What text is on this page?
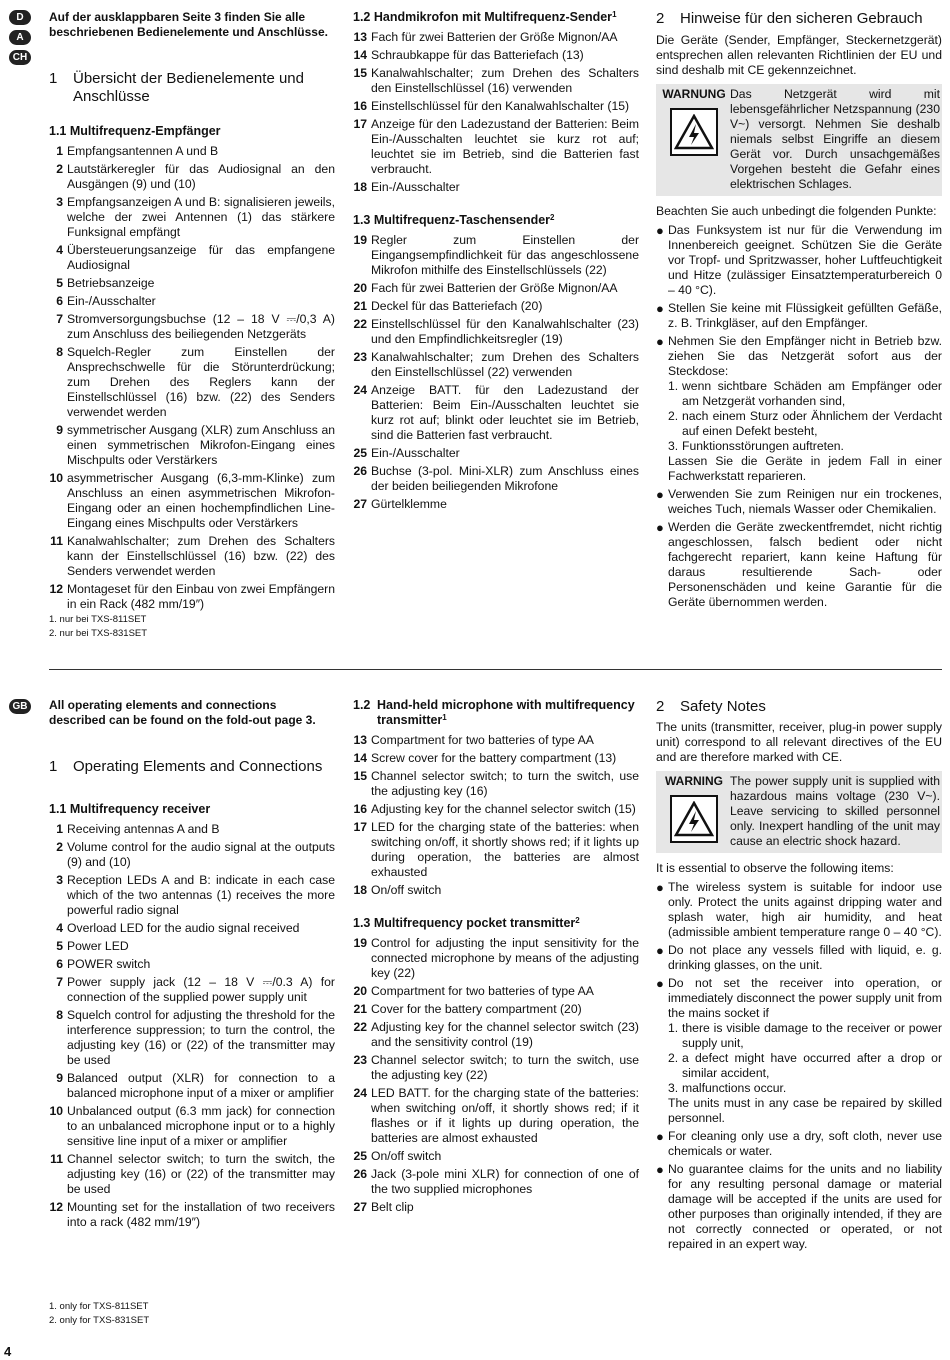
D
A
CH
Auf der ausklappbaren Seite 3 finden Sie alle beschriebenen Bedienelemente und Anschlüsse.
1	Übersicht der Bedienelemente und Anschlüsse
1.1 Multifrequenz-Empfänger
1 Empfangsantennen A und B
2 Lautstärkeregler für das Audiosignal an den Ausgängen (9) und (10)
3 Empfangsanzeigen A und B: signalisieren jeweils, welche der zwei Antennen (1) das stärkere Funksignal empfängt
4 Übersteuerungsanzeige für das empfangene Audiosignal
5 Betriebsanzeige
6 Ein-/Ausschalter
7 Stromversorgungsbuchse (12 – 18 V ⎓/0,3 A) zum Anschluss des beiliegenden Netzgeräts
8 Squelch-Regler zum Einstellen der Ansprechschwelle für die Störunterdrückung; zum Drehen des Reglers kann der Einstellschlüssel (16) bzw. (22) des Senders verwendet werden
9 symmetrischer Ausgang (XLR) zum Anschluss an einen symmetrischen Mikrofon-Eingang eines Mischpults oder Verstärkers
10 asymmetrischer Ausgang (6,3-mm-Klinke) zum Anschluss an einen asymmetrischen Mikrofon-Eingang oder an einen hochempfindlichen Line-Eingang eines Mischpults oder Verstärkers
11 Kanalwahlschalter; zum Drehen des Schalters kann der Einstellschlüssel (16) bzw. (22) des Senders verwendet werden
12 Montageset für den Einbau von zwei Empfängern in ein Rack (482 mm/19″)
1.2 Handmikrofon mit Multifrequenz-Sender$^1$
13 Fach für zwei Batterien der Größe Mignon/AA
14 Schraubkappe für das Batteriefach (13)
15 Kanalwahlschalter; zum Drehen des Schalters den Einstellschlüssel (16) verwenden
16 Einstellschlüssel für den Kanalwahlschalter (15)
17 Anzeige für den Ladezustand der Batterien: Beim Ein-/Ausschalten leuchtet sie kurz rot auf; leuchtet sie im Betrieb, sind die Batterien fast verbraucht.
18 Ein-/Ausschalter
1.3 Multifrequenz-Taschensender$^2$
19 Regler zum Einstellen der Eingangsempfindlichkeit für das angeschlossene Mikrofon mithilfe des Einstellschlüssels (22)
20 Fach für zwei Batterien der Größe Mignon/AA
21 Deckel für das Batteriefach (20)
22 Einstellschlüssel für den Kanalwahlschalter (23) und den Empfindlichkeitsregler (19)
23 Kanalwahlschalter; zum Drehen des Schalters den Einstellschlüssel (22) verwenden
24 Anzeige BATT. für den Ladezustand der Batterien: Beim Ein-/Ausschalten leuchtet sie kurz rot auf; blinkt oder leuchtet sie im Betrieb, sind die Batterien fast verbraucht.
25 Ein-/Ausschalter
26 Buchse (3-pol. Mini-XLR) zum Anschluss eines der beiden beiliegenden Mikrofone
27 Gürtelklemme
2	Hinweise für den sicheren Gebrauch
Die Geräte (Sender, Empfänger, Steckernetzgerät) entsprechen allen relevanten Richtlinien der EU und sind deshalb mit CE gekennzeichnet.
WARNUNG Das Netzgerät wird mit lebensgefährlicher Netzspannung (230 V~) versorgt. Nehmen Sie deshalb niemals selbst Eingriffe an diesem Gerät vor. Durch unsachgemäßes Vorgehen besteht die Gefahr eines elektrischen Schlages.
Beachten Sie auch unbedingt die folgenden Punkte:
● Das Funksystem ist nur für die Verwendung im Innenbereich geeignet. Schützen Sie die Geräte vor Tropf- und Spritzwasser, hoher Luftfeuchtigkeit und Hitze (zulässiger Einsatztemperaturbereich 0 – 40 °C).
● Stellen Sie keine mit Flüssigkeit gefüllten Gefäße, z. B. Trinkgläser, auf den Empfänger.
● Nehmen Sie den Empfänger nicht in Betrieb bzw. ziehen Sie das Netzgerät sofort aus der Steckdose:
1. wenn sichtbare Schäden am Empfänger oder am Netzgerät vorhanden sind,
2. nach einem Sturz oder Ähnlichem der Verdacht auf einen Defekt besteht,
3. Funktionsstörungen auftreten.
Lassen Sie die Geräte in jedem Fall in einer Fachwerkstatt reparieren.
● Verwenden Sie zum Reinigen nur ein trockenes, weiches Tuch, niemals Wasser oder Chemikalien.
● Werden die Geräte zweckentfremdet, nicht richtig angeschlossen, falsch bedient oder nicht fachgerecht repariert, kann keine Haftung für daraus resultierende Sach- oder Personenschäden und keine Garantie für die Geräte übernommen werden.
1. nur bei TXS-811SET
2. nur bei TXS-831SET
GB All operating elements and connections described can be found on the fold-out page 3.
1	Operating Elements and Connections
1.1 Multifrequency receiver
1 Receiving antennas A and B
2 Volume control for the audio signal at the outputs (9) and (10)
3 Reception LEDs A and B: indicate in each case which of the two antennas (1) receives the more powerful radio signal
4 Overload LED for the audio signal received
5 Power LED
6 POWER switch
7 Power supply jack (12 – 18 V ⎓/0.3 A) for connection of the supplied power supply unit
8 Squelch control for adjusting the threshold for the interference suppression; to turn the control, the adjusting key (16) or (22) of the transmitter may be used
9 Balanced output (XLR) for connection to a balanced microphone input of a mixer or amplifier
10 Unbalanced output (6.3 mm jack) for connection to an unbalanced microphone input or to a highly sensitive line input of a mixer or amplifier
11 Channel selector switch; to turn the switch, the adjusting key (16) or (22) of the transmitter may be used
12 Mounting set for the installation of two receivers into a rack (482 mm/19″)
1.2 Hand-held microphone with multifrequency transmitter$^1$
13 Compartment for two batteries of type AA
14 Screw cover for the battery compartment (13)
15 Channel selector switch; to turn the switch, use the adjusting key (16)
16 Adjusting key for the channel selector switch (15)
17 LED for the charging state of the batteries: when switching on/off, it shortly shows red; if it lights up during operation, the batteries are almost exhausted
18 On/off switch
1.3 Multifrequency pocket transmitter$^2$
19 Control for adjusting the input sensitivity for the connected microphone by means of the adjusting key (22)
20 Compartment for two batteries of type AA
21 Cover for the battery compartment (20)
22 Adjusting key for the channel selector switch (23) and the sensitivity control (19)
23 Channel selector switch; to turn the switch, use the adjusting key (22)
24 LED BATT. for the charging state of the batteries: when switching on/off, it shortly shows red; if it flashes or if it lights up during operation, the batteries are almost exhausted
25 On/off switch
26 Jack (3-pole mini XLR) for connection of one of the two supplied microphones
27 Belt clip
2	Safety Notes
The units (transmitter, receiver, plug-in power supply unit) correspond to all relevant directives of the EU and are therefore marked with CE.
WARNING The power supply unit is supplied with hazardous mains voltage (230 V~). Leave servicing to skilled personnel only. Inexpert handling of the unit may cause an electric shock hazard.
It is essential to observe the following items:
● The wireless system is suitable for indoor use only. Protect the units against dripping water and splash water, high air humidity, and heat (admissible ambient temperature range 0 – 40 °C).
● Do not place any vessels filled with liquid, e. g. drinking glasses, on the unit.
● Do not set the receiver into operation, or immediately disconnect the power supply unit from the mains socket if
1. there is visible damage to the receiver or power supply unit,
2. a defect might have occurred after a drop or similar accident,
3. malfunctions occur.
The units must in any case be repaired by skilled personnel.
● For cleaning only use a dry, soft cloth, never use chemicals or water.
● No guarantee claims for the units and no liability for any resulting personal damage or material damage will be accepted if the units are used for other purposes than originally intended, if they are not correctly connected or operated, or not repaired in an expert way.
1. only for TXS-811SET
2. only for TXS-831SET
4
